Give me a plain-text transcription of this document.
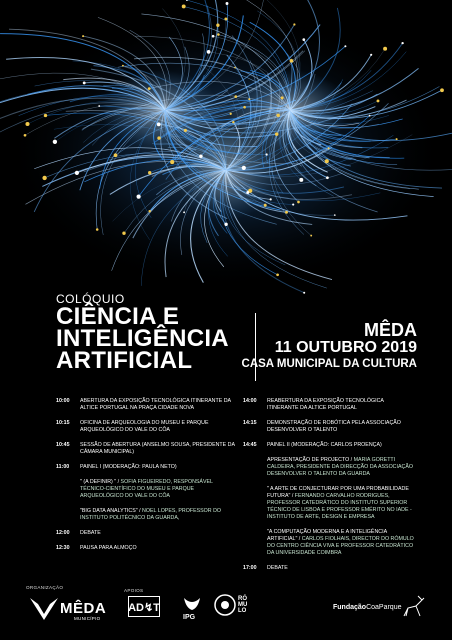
COLÓQUIO
CIÊNCIA E
INTELIGÊNCIA
ARTIFICIAL
MÊDA
11 OUTUBRO 2019
CASA MUNICIPAL DA CULTURA
10:00	ABERTURA DA EXPOSIÇÃO TECNOLÓGICA ITINERANTE DA ALTICE PORTUGAL NA PRAÇA CIDADE NOVA
10:15	OFICINA DE ARQUEOLOGIA DO MUSEU E PARQUE ARQUEOLÓGICO DO VALE DO CÔA
10:45	SESSÃO DE ABERTURA (ANSELMO SOUSA, PRESIDENTE DA CÂMARA MUNICIPAL)
11:00	PAINEL I (MODERAÇÃO: PAULA NETO)
" (A DEFINIR) " / SOFIA FIGUEIREDO, RESPONSÁVEL TÉCNICO-CIENTÍFICO DO MUSEU E PARQUE ARQUEOLÓGICO DO VALE DO CÔA
"BIG DATA ANALYTICS" / NOEL LOPES, PROFESSOR DO INSTITUTO POLITÉCNICO DA GUARDA,
12:00	DEBATE
12:30	PAUSA PARA ALMOÇO
14:00	REABERTURA DA EXPOSIÇÃO TECNOLÓGICA ITINERANTE DA ALTICE PORTUGAL
14:15	DEMONSTRAÇÃO DE ROBÓTICA PELA ASSOCIAÇÃO DESENVOLVER O TALENTO
14:45	PAINEL II (MODERAÇÃO: CARLOS PROENÇA)
APRESENTAÇÃO DE PROJECTO / MARIA GORETTI CALDEIRA, PRESIDENTE DA DIRECÇÃO DA ASSOCIAÇÃO DESENVOLVER O TALENTO DA GUARDA
" A ARTE DE CONJECTURAR POR UMA PROBABILIDADE FUTURA" / FERNANDO CARVALHO RODRIGUES, PROFESSOR CATEDRÁTICO DO INSTITUTO SUPERIOR TÉCNICO DE LISBOA E PROFESSOR EMÉRITO NO IADE - INSTITUTO DE ARTE, DESIGN E EMPRESA
"A COMPUTAÇÃO MODERNA E A INTELIGÊNCIA ARTIFICIAL" / CARLOS FIOLHAIS, DIRECTOR DO RÓMULO DO CENTRO CIÊNCIA VIVA E PROFESSOR CATEDRÁTICO DA UNIVERSIDADE COIMBRA
17:00	DEBATE
ORGANIZAÇÃO
APOIOS
MÊDA
MUNICÍPIO
AD↯T
IPG
RÓMULO	FundaçãoCoaParque
